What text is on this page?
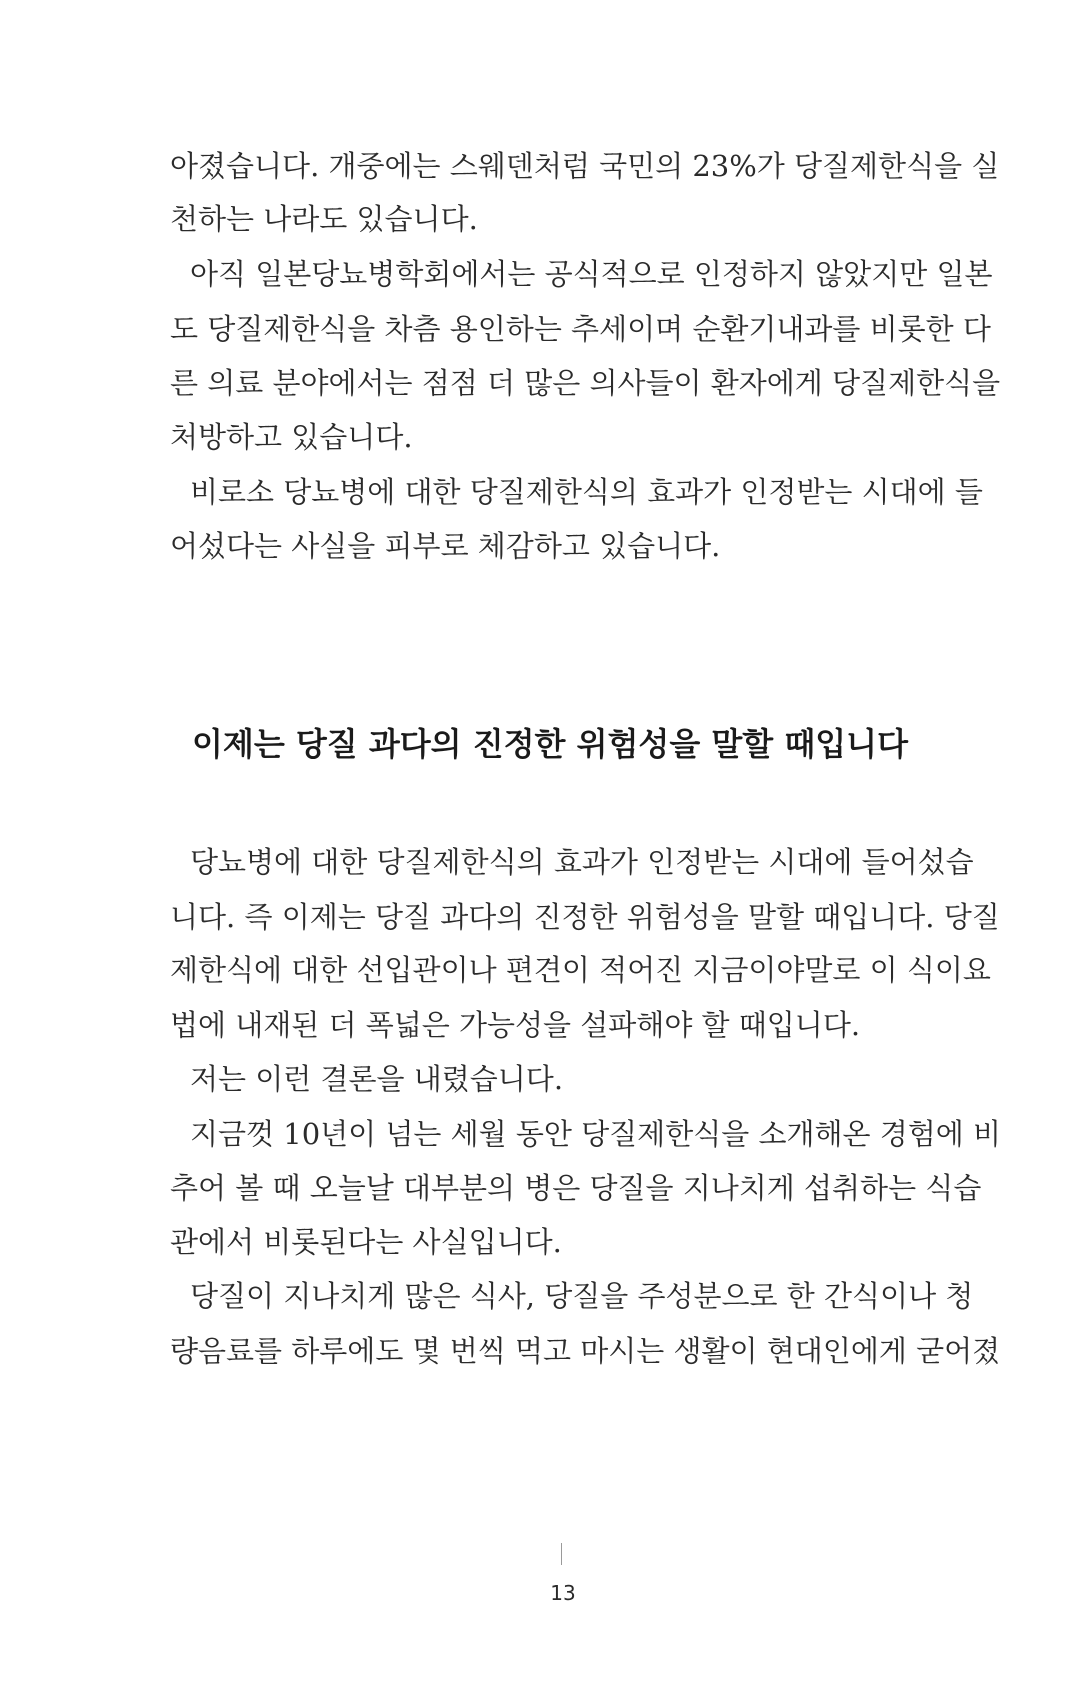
아졌습니다. 개중에는 스웨덴처럼 국민의 23%가 당질제한식을 실
천하는 나라도 있습니다.
아직 일본당뇨병학회에서는 공식적으로 인정하지 않았지만 일본
도 당질제한식을 차츰 용인하는 추세이며 순환기내과를 비롯한 다
른 의료 분야에서는 점점 더 많은 의사들이 환자에게 당질제한식을
처방하고 있습니다.
비로소 당뇨병에 대한 당질제한식의 효과가 인정받는 시대에 들
어섰다는 사실을 피부로 체감하고 있습니다.
이제는 당질 과다의 진정한 위험성을 말할 때입니다
당뇨병에 대한 당질제한식의 효과가 인정받는 시대에 들어섰습
니다. 즉 이제는 당질 과다의 진정한 위험성을 말할 때입니다. 당질
제한식에 대한 선입관이나 편견이 적어진 지금이야말로 이 식이요
법에 내재된 더 폭넓은 가능성을 설파해야 할 때입니다.
저는 이런 결론을 내렸습니다.
지금껏 10년이 넘는 세월 동안 당질제한식을 소개해온 경험에 비
추어 볼 때 오늘날 대부분의 병은 당질을 지나치게 섭취하는 식습
관에서 비롯된다는 사실입니다.
당질이 지나치게 많은 식사, 당질을 주성분으로 한 간식이나 청
량음료를 하루에도 몇 번씩 먹고 마시는 생활이 현대인에게 굳어졌
13
